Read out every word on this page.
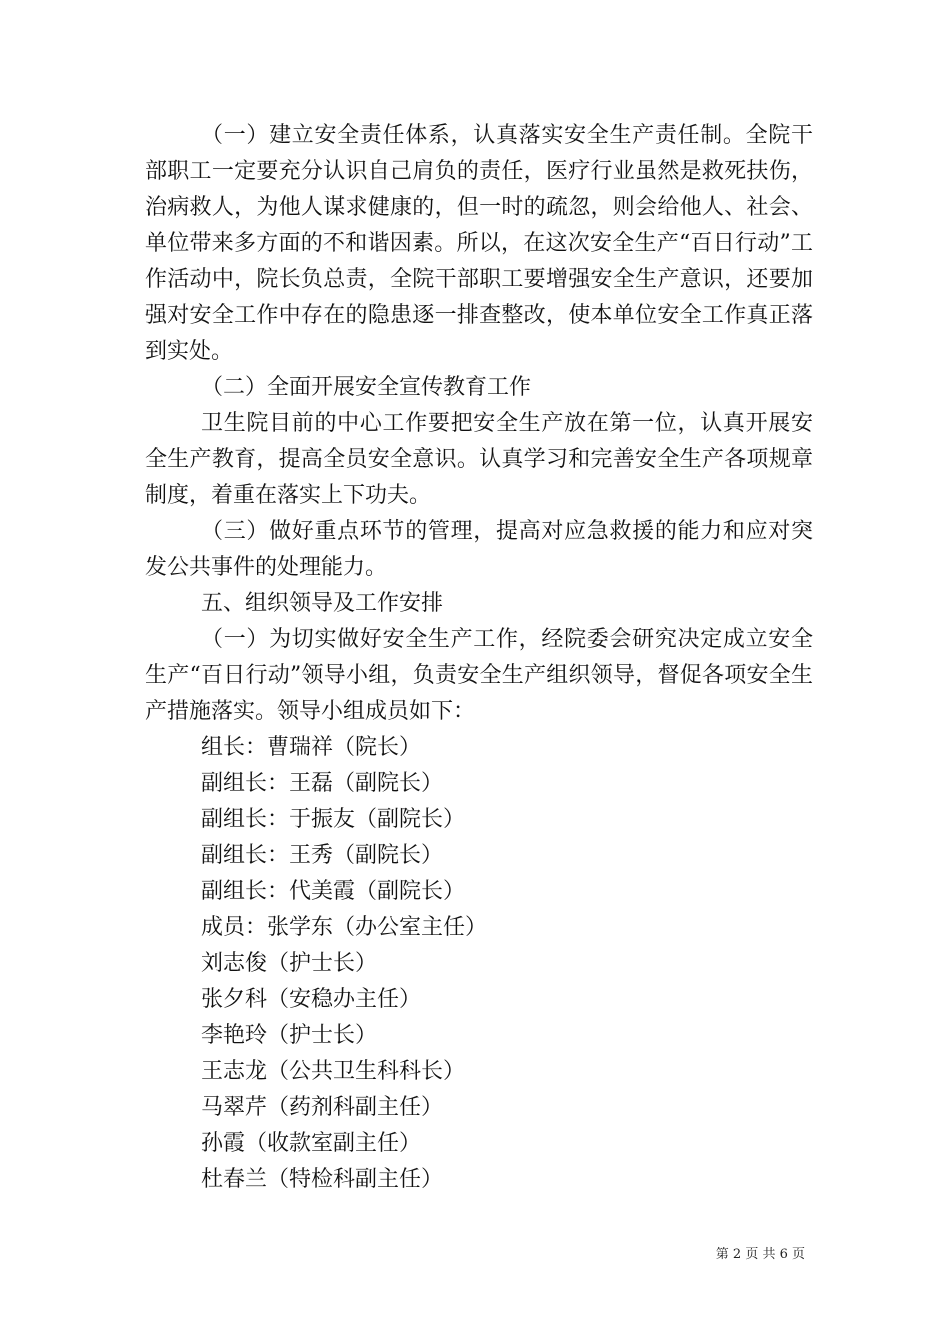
（一）建立安全责任体系，认真落实安全生产责任制。全院干部职工一定要充分认识自己肩负的责任，医疗行业虽然是救死扶伤，治病救人，为他人谋求健康的，但一时的疏忽，则会给他人、社会、单位带来多方面的不和谐因素。所以，在这次安全生产“百日行动”工作活动中，院长负总责，全院干部职工要增强安全生产意识，还要加强对安全工作中存在的隐患逐一排查整改，使本单位安全工作真正落到实处。

（二）全面开展安全宣传教育工作

卫生院目前的中心工作要把安全生产放在第一位，认真开展安全生产教育，提高全员安全意识。认真学习和完善安全生产各项规章制度，着重在落实上下功夫。

（三）做好重点环节的管理，提高对应急救援的能力和应对突发公共事件的处理能力。

五、组织领导及工作安排

（一）为切实做好安全生产工作，经院委会研究决定成立安全生产“百日行动”领导小组，负责安全生产组织领导，督促各项安全生产措施落实。领导小组成员如下：

组长：曹瑞祥（院长）

副组长：王磊（副院长）

副组长：于振友（副院长）

副组长：王秀（副院长）

副组长：代美霞（副院长）

成员：张学东（办公室主任）

刘志俊（护士长）

张夕科（安稳办主任）

李艳玲（护士长）

王志龙（公共卫生科科长）

马翠芹（药剂科副主任）

孙霞（收款室副主任）

杜春兰（特检科副主任）

第 2 页 共 6 页
